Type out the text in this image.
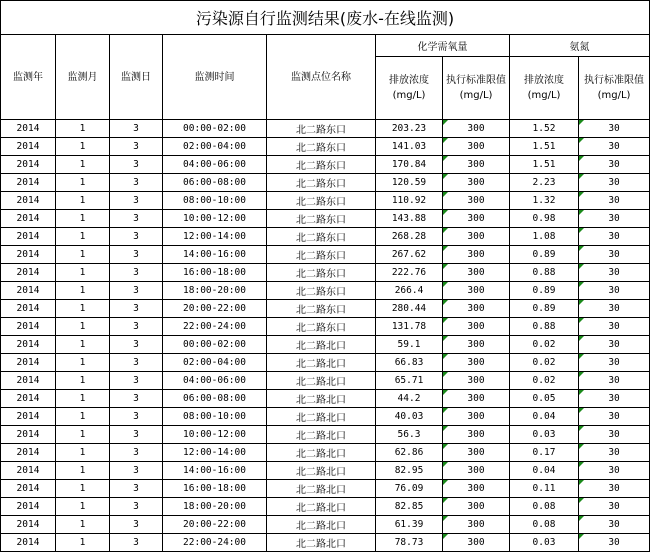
污染源自行监测结果(废水-在线监测)								
监测年	监测月	监测日	监测时间	监测点位名称	化学需氧量		氨氮	
					排放浓度(mg/L)	执行标准限值(mg/L)	排放浓度(mg/L)	执行标准限值(mg/L)
2014	1	3	00:00-02:00	北二路东口	203.23	300	1.52	30
2014	1	3	02:00-04:00	北二路东口	141.03	300	1.51	30
2014	1	3	04:00-06:00	北二路东口	170.84	300	1.51	30
2014	1	3	06:00-08:00	北二路东口	120.59	300	2.23	30
2014	1	3	08:00-10:00	北二路东口	110.92	300	1.32	30
2014	1	3	10:00-12:00	北二路东口	143.88	300	0.98	30
2014	1	3	12:00-14:00	北二路东口	268.28	300	1.08	30
2014	1	3	14:00-16:00	北二路东口	267.62	300	0.89	30
2014	1	3	16:00-18:00	北二路东口	222.76	300	0.88	30
2014	1	3	18:00-20:00	北二路东口	266.4	300	0.89	30
2014	1	3	20:00-22:00	北二路东口	280.44	300	0.89	30
2014	1	3	22:00-24:00	北二路东口	131.78	300	0.88	30
2014	1	3	00:00-02:00	北二路北口	59.1	300	0.02	30
2014	1	3	02:00-04:00	北二路北口	66.83	300	0.02	30
2014	1	3	04:00-06:00	北二路北口	65.71	300	0.02	30
2014	1	3	06:00-08:00	北二路北口	44.2	300	0.05	30
2014	1	3	08:00-10:00	北二路北口	40.03	300	0.04	30
2014	1	3	10:00-12:00	北二路北口	56.3	300	0.03	30
2014	1	3	12:00-14:00	北二路北口	62.86	300	0.17	30
2014	1	3	14:00-16:00	北二路北口	82.95	300	0.04	30
2014	1	3	16:00-18:00	北二路北口	76.09	300	0.11	30
2014	1	3	18:00-20:00	北二路北口	82.85	300	0.08	30
2014	1	3	20:00-22:00	北二路北口	61.39	300	0.08	30
2014	1	3	22:00-24:00	北二路北口	78.73	300	0.03	30
